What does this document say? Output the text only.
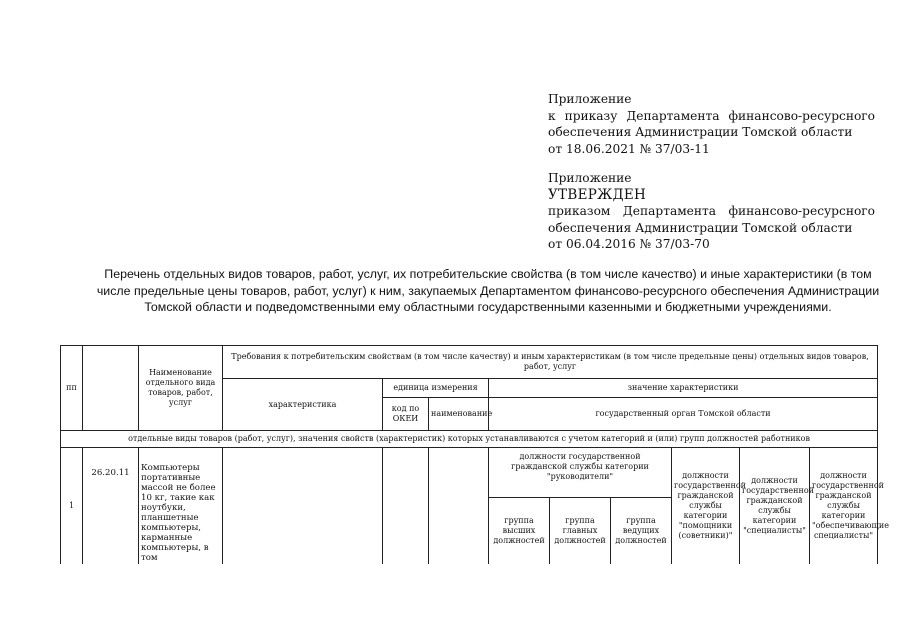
Приложение
к приказу Департамента финансово-ресурсного
обеспечения Администрации Томской области
от 18.06.2021 № 37/03-11
Приложение
УТВЕРЖДЕН
приказом Департамента финансово-ресурсного
обеспечения Администрации Томской области
от 06.04.2016 № 37/03-70
Перечень отдельных видов товаров, работ, услуг, их потребительские свойства (в том числе качество) и иные характеристики (в том числе предельные цены товаров, работ, услуг) к ним, закупаемых Департаментом финансово-ресурсного обеспечения Администрации Томской области и подведомственными ему областными государственными казенными и бюджетными учреждениями.
пп		Наименование отдельного вида товаров, работ, услуг	Требования к потребительским свойствам (в том числе качеству) и иным характеристикам (в том числе предельные цены) отдельных видов товаров, работ, услуг								
			характеристика	единица измерения		значение характеристики					
				код по ОКЕИ	наименование	государственный орган Томской области					
отдельные виды товаров (работ, услуг), значения свойств (характеристик) которых устанавливаются с учетом категорий и (или) групп должностей работников											
1	26.20.11	Компьютеры портативные массой не более 10 кг, такие как ноутбуки, планшетные компьютеры, карманные компьютеры, в том				должности государственной гражданской службы категории "руководители"			должности государственной гражданской службы категории "помощники (советники)"	должности государственной гражданской службы категории "специалисты"	должности государственной гражданской службы категории "обеспечивающие специалисты"
						группа высших должностей	группа главных должностей	группа ведущих должностей			
